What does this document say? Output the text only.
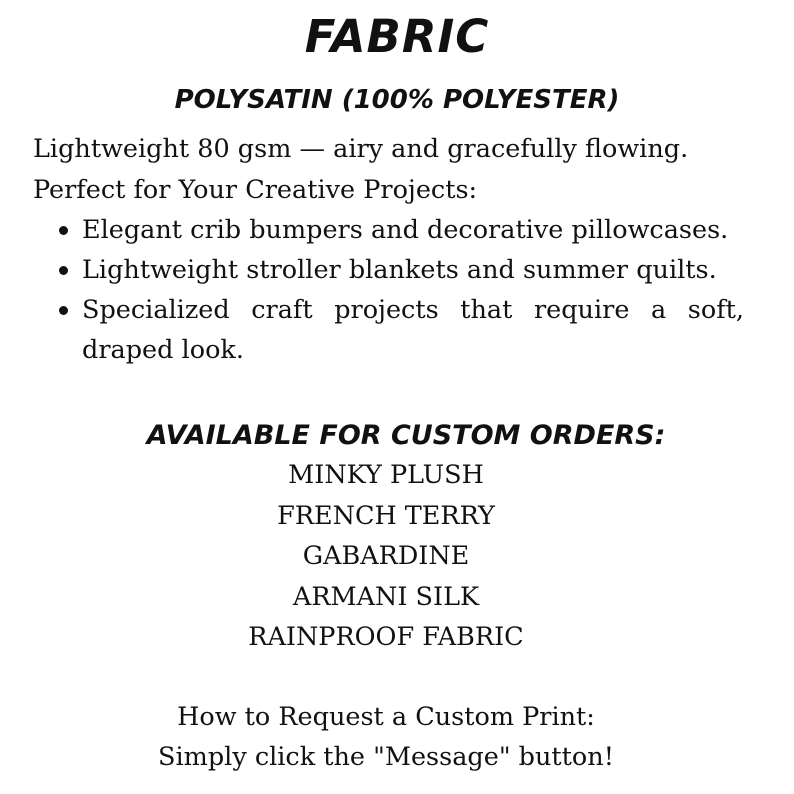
FABRIC
POLYSATIN (100% POLYESTER)
Lightweight 80 gsm — airy and gracefully flowing.
Perfect for Your Creative Projects:
Elegant crib bumpers and decorative pillowcases.
Lightweight stroller blankets and summer quilts.
Specialized craft projects that require a soft,
draped look.
AVAILABLE FOR CUSTOM ORDERS:
MINKY PLUSH
FRENCH TERRY
GABARDINE
ARMANI SILK
RAINPROOF FABRIC
How to Request a Custom Print:
Simply click the "Message" button!
